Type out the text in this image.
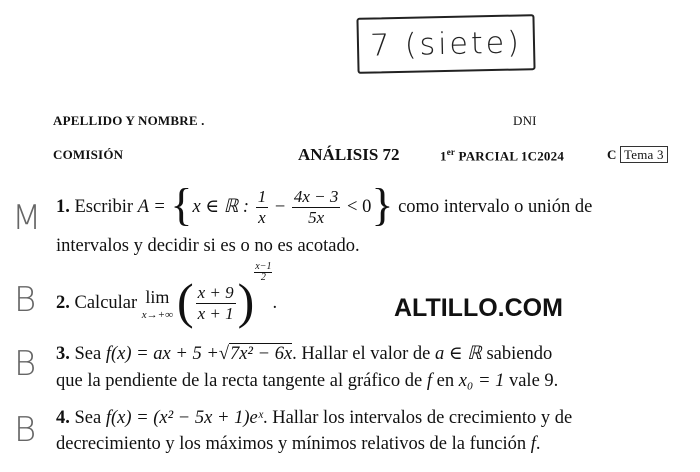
7 (siete)
APELLIDO Y NOMBRE .	DNI
COMISIÓN	ANÁLISIS 72	1er PARCIAL 1C2024	C Tema 3
M
B
B
B
1. Escribir A = {x ∈ ℝ : $\frac{1}{x} - \frac{4x - 3}{5x} < 0$} como intervalo o unión de
intervalos y decidir si es o no es acotado.
2. Calcular lim
x→+∞ ( $\frac{x + 9}{x + 1}$ )
$\frac{x-1}{2}$
.	ALTILLO.COM
3. Sea f(x) = ax + 5 +√7x² − 6x. Hallar el valor de a ∈ ℝ sabiendo
que la pendiente de la recta tangente al gráfico de f en x₀ = 1 vale 9.
4. Sea f(x) = (x² − 5x + 1)eˣ. Hallar los intervalos de crecimiento y de
decrecimiento y los máximos y mínimos relativos de la función f.
